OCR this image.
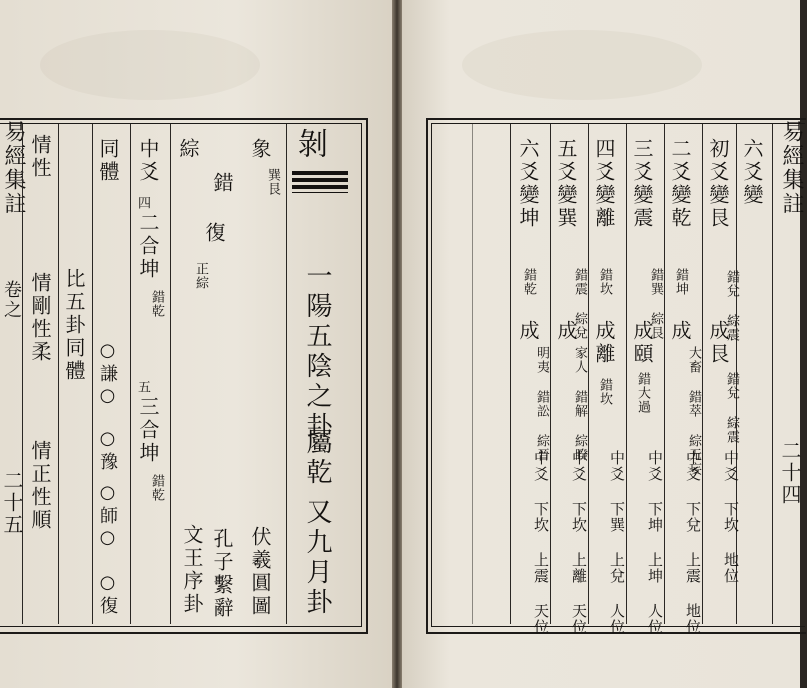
易經集註
卷之
二十五
情性
情剛性柔
情正性順
比五卦同體
同體
○謙○
○豫
○師○
○復
中爻
四
二合坤
錯乾
五
三合坤
錯乾
綜
復
正綜
文王序卦
錯
孔子繫辭
象
巽艮
伏羲圓圖
剝
一陽五陰之卦
屬乾
又九月卦
易經集註
二十四
六爻變
初爻變艮
錯兌 綜震
成艮
錯兌 綜震
中爻 下坎 地位
二爻變乾
錯坤
成
大畜 錯萃 綜无妄
中爻 下兌 上震 地位
三爻變震
錯巽 綜艮
成頤
錯大過
中爻 下坤 上坤 人位
四爻變離
錯坎
成離
錯坎
中爻 下巽 上兌 人位
五爻變巽
錯震 綜兌
成
家人 錯解 綜睽
中爻 下坎 上離 天位
六爻變坤
錯乾
成
明夷 錯訟 綜晉
中爻 下坎 上震 天位
